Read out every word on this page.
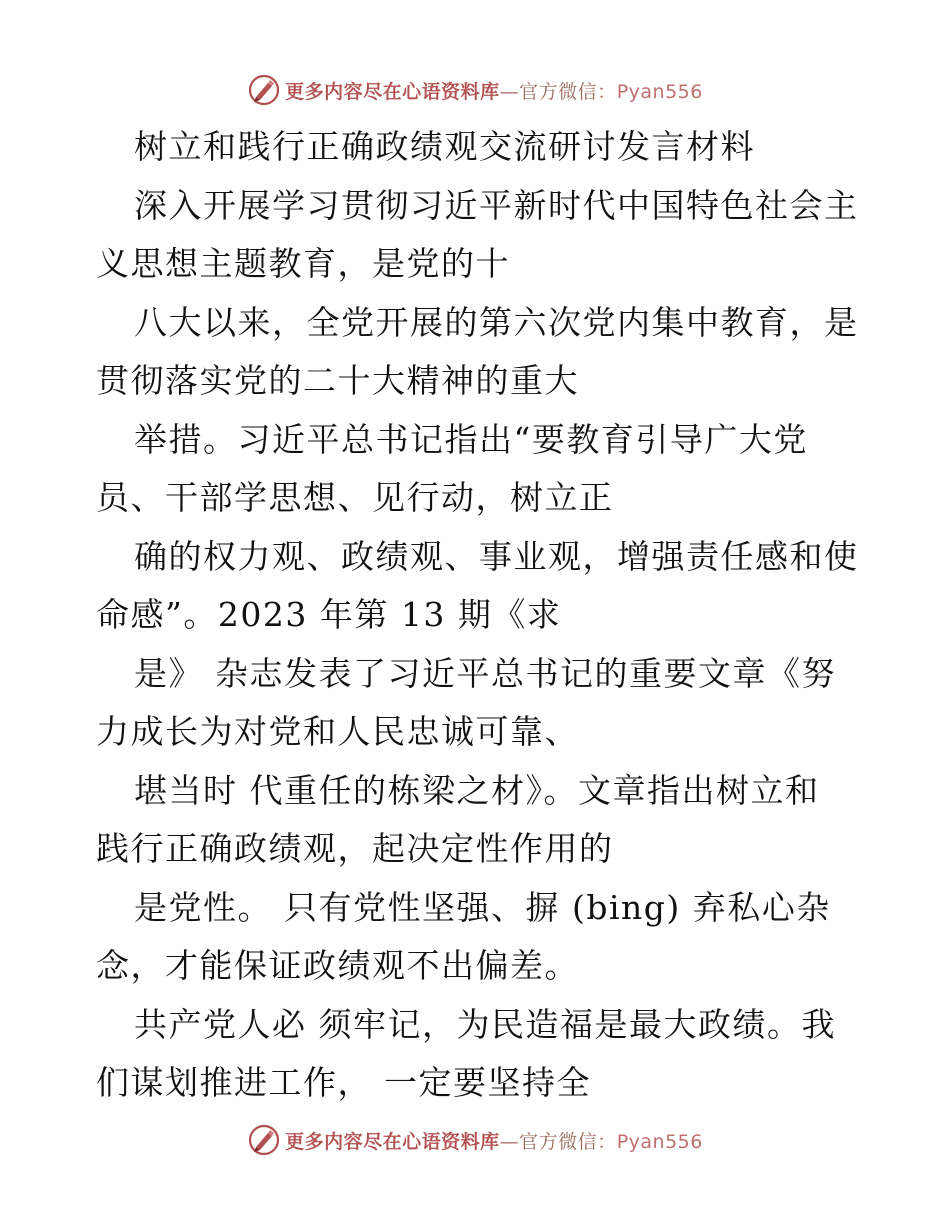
更多内容尽在心语资料库—官方微信：Pyan556
树立和践行正确政绩观交流研讨发言材料
深入开展学习贯彻习近平新时代中国特色社会主
义思想主题教育，是党的十
八大以来，全党开展的第六次党内集中教育，是
贯彻落实党的二十大精神的重大
举措。习近平总书记指出“要教育引导广大党
员、干部学思想、见行动，树立正
确的权力观、政绩观、事业观，增强责任感和使
命感”。2023 年第 13 期《求
是》 杂志发表了习近平总书记的重要文章《努
力成长为对党和人民忠诚可靠、
堪当时 代重任的栋梁之材》。文章指出树立和
践行正确政绩观，起决定性作用的
是党性。 只有党性坚强、摒 (bing) 弃私心杂
念，才能保证政绩观不出偏差。
共产党人必 须牢记，为民造福是最大政绩。我
们谋划推进工作， 一定要坚持全
更多内容尽在心语资料库—官方微信：Pyan556
